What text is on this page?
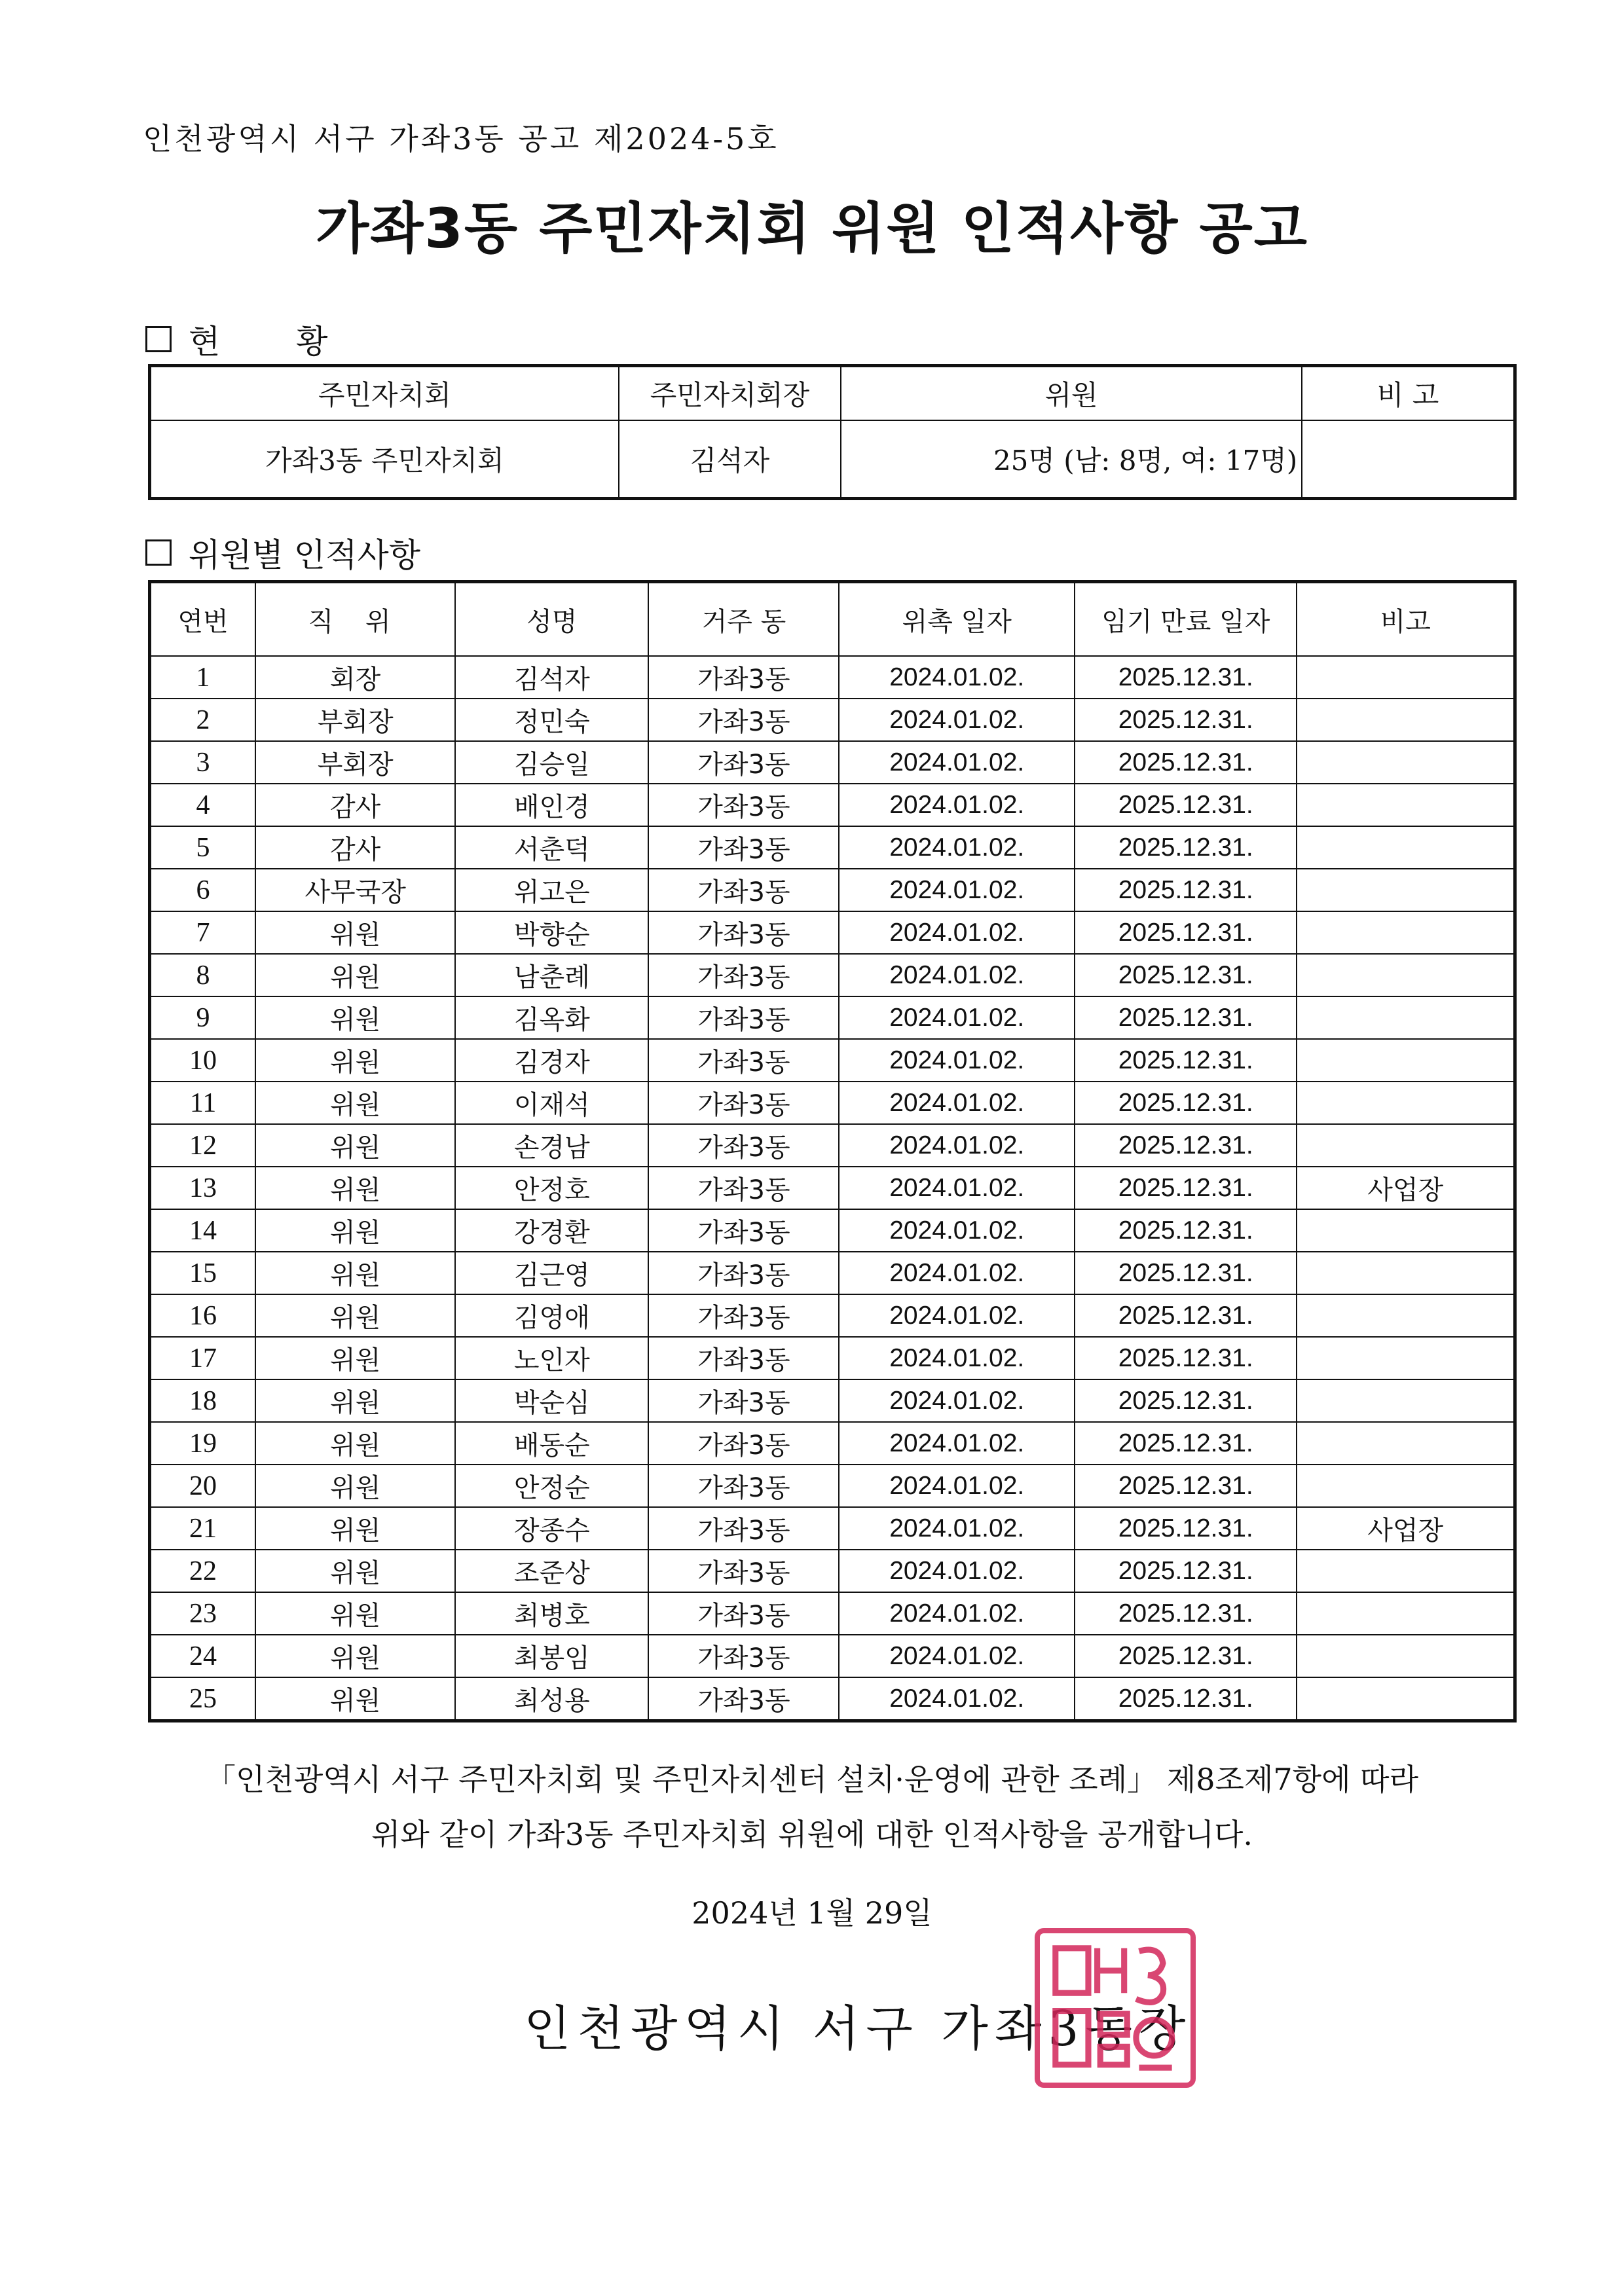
인천광역시 서구 가좌3동 공고 제2024-5호
가좌3동 주민자치회 위원 인적사항 공고
현 황
주민자치회	주민자치회장	위원	비 고
가좌3동 주민자치회	김석자	25명 (남: 8명, 여: 17명)	
위원별 인적사항
연번	직 위	성명	거주 동	위촉 일자	임기 만료 일자	비고
1	회장	김석자	가좌3동	2024.01.02.	2025.12.31.	
2	부회장	정민숙	가좌3동	2024.01.02.	2025.12.31.	
3	부회장	김승일	가좌3동	2024.01.02.	2025.12.31.	
4	감사	배인경	가좌3동	2024.01.02.	2025.12.31.	
5	감사	서춘덕	가좌3동	2024.01.02.	2025.12.31.	
6	사무국장	위고은	가좌3동	2024.01.02.	2025.12.31.	
7	위원	박향순	가좌3동	2024.01.02.	2025.12.31.	
8	위원	남춘례	가좌3동	2024.01.02.	2025.12.31.	
9	위원	김옥화	가좌3동	2024.01.02.	2025.12.31.	
10	위원	김경자	가좌3동	2024.01.02.	2025.12.31.	
11	위원	이재석	가좌3동	2024.01.02.	2025.12.31.	
12	위원	손경남	가좌3동	2024.01.02.	2025.12.31.	
13	위원	안정호	가좌3동	2024.01.02.	2025.12.31.	사업장
14	위원	강경환	가좌3동	2024.01.02.	2025.12.31.	
15	위원	김근영	가좌3동	2024.01.02.	2025.12.31.	
16	위원	김영애	가좌3동	2024.01.02.	2025.12.31.	
17	위원	노인자	가좌3동	2024.01.02.	2025.12.31.	
18	위원	박순심	가좌3동	2024.01.02.	2025.12.31.	
19	위원	배동순	가좌3동	2024.01.02.	2025.12.31.	
20	위원	안정순	가좌3동	2024.01.02.	2025.12.31.	
21	위원	장종수	가좌3동	2024.01.02.	2025.12.31.	사업장
22	위원	조준상	가좌3동	2024.01.02.	2025.12.31.	
23	위원	최병호	가좌3동	2024.01.02.	2025.12.31.	
24	위원	최봉임	가좌3동	2024.01.02.	2025.12.31.	
25	위원	최성용	가좌3동	2024.01.02.	2025.12.31.	
「인천광역시 서구 주민자치회 및 주민자치센터 설치·운영에 관한 조례」 제8조제7항에 따라
위와 같이 가좌3동 주민자치회 위원에 대한 인적사항을 공개합니다.
2024년 1월 29일
인천광역시 서구 가좌3동장
